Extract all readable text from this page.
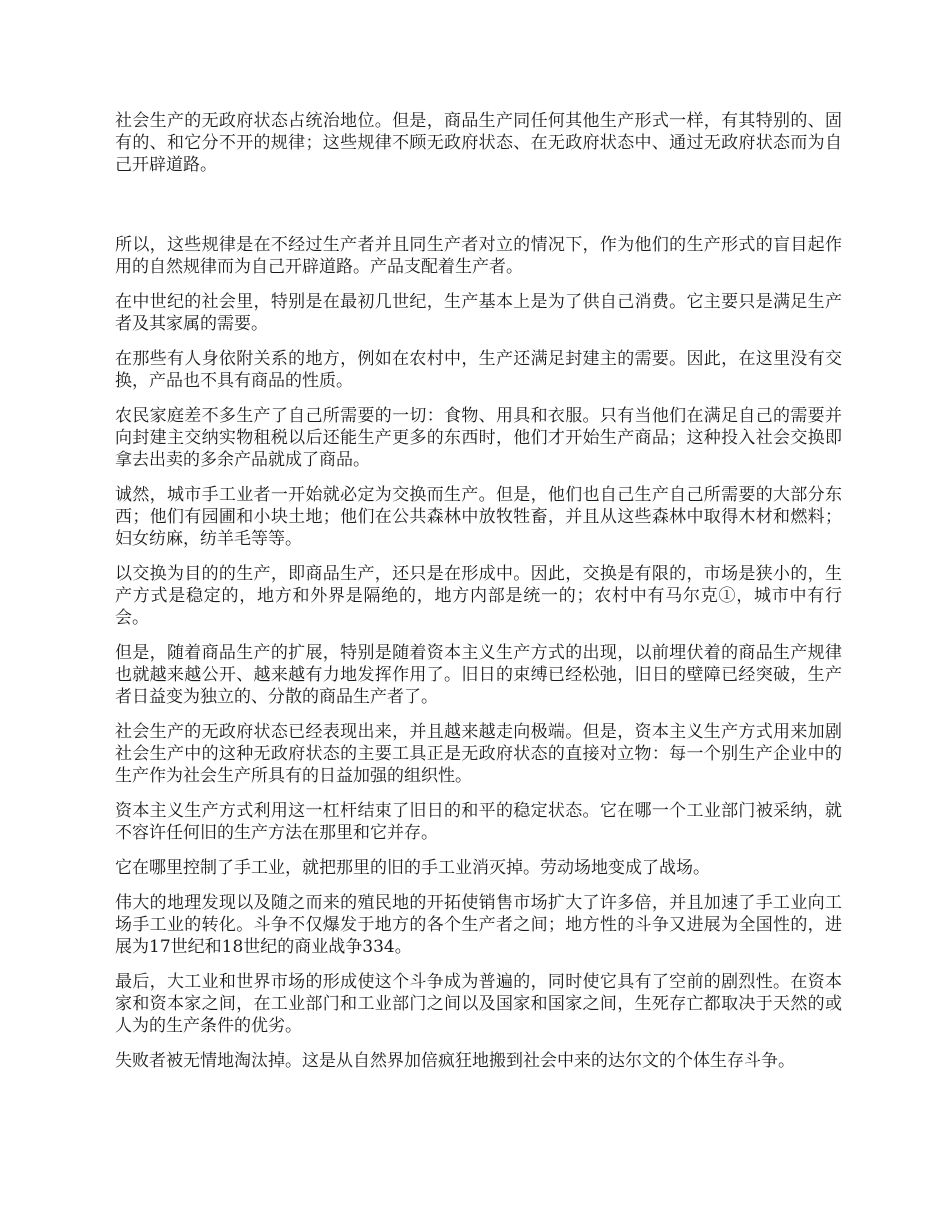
社会生产的无政府状态占统治地位。但是，商品生产同任何其他生产形式一样，有其特别的、固有的、和它分不开的规律；这些规律不顾无政府状态、在无政府状态中、通过无政府状态而为自己开辟道路。

所以，这些规律是在不经过生产者并且同生产者对立的情况下，作为他们的生产形式的盲目起作用的自然规律而为自己开辟道路。产品支配着生产者。

在中世纪的社会里，特别是在最初几世纪，生产基本上是为了供自己消费。它主要只是满足生产者及其家属的需要。

在那些有人身依附关系的地方，例如在农村中，生产还满足封建主的需要。因此，在这里没有交换，产品也不具有商品的性质。

农民家庭差不多生产了自己所需要的一切：食物、用具和衣服。只有当他们在满足自己的需要并向封建主交纳实物租税以后还能生产更多的东西时，他们才开始生产商品；这种投入社会交换即拿去出卖的多余产品就成了商品。

诚然，城市手工业者一开始就必定为交换而生产。但是，他们也自己生产自己所需要的大部分东西；他们有园圃和小块土地；他们在公共森林中放牧牲畜，并且从这些森林中取得木材和燃料；妇女纺麻，纺羊毛等等。

以交换为目的的生产，即商品生产，还只是在形成中。因此，交换是有限的，市场是狭小的，生产方式是稳定的，地方和外界是隔绝的，地方内部是统一的；农村中有马尔克①，城市中有行会。

但是，随着商品生产的扩展，特别是随着资本主义生产方式的出现，以前埋伏着的商品生产规律也就越来越公开、越来越有力地发挥作用了。旧日的束缚已经松弛，旧日的壁障已经突破，生产者日益变为独立的、分散的商品生产者了。

社会生产的无政府状态已经表现出来，并且越来越走向极端。但是，资本主义生产方式用来加剧社会生产中的这种无政府状态的主要工具正是无政府状态的直接对立物：每一个别生产企业中的生产作为社会生产所具有的日益加强的组织性。

资本主义生产方式利用这一杠杆结束了旧日的和平的稳定状态。它在哪一个工业部门被采纳，就不容许任何旧的生产方法在那里和它并存。

它在哪里控制了手工业，就把那里的旧的手工业消灭掉。劳动场地变成了战场。

伟大的地理发现以及随之而来的殖民地的开拓使销售市场扩大了许多倍，并且加速了手工业向工场手工业的转化。斗争不仅爆发于地方的各个生产者之间；地方性的斗争又进展为全国性的，进展为17世纪和18世纪的商业战争334。

最后，大工业和世界市场的形成使这个斗争成为普遍的，同时使它具有了空前的剧烈性。在资本家和资本家之间，在工业部门和工业部门之间以及国家和国家之间，生死存亡都取决于天然的或人为的生产条件的优劣。

失败者被无情地淘汰掉。这是从自然界加倍疯狂地搬到社会中来的达尔文的个体生存斗争。
